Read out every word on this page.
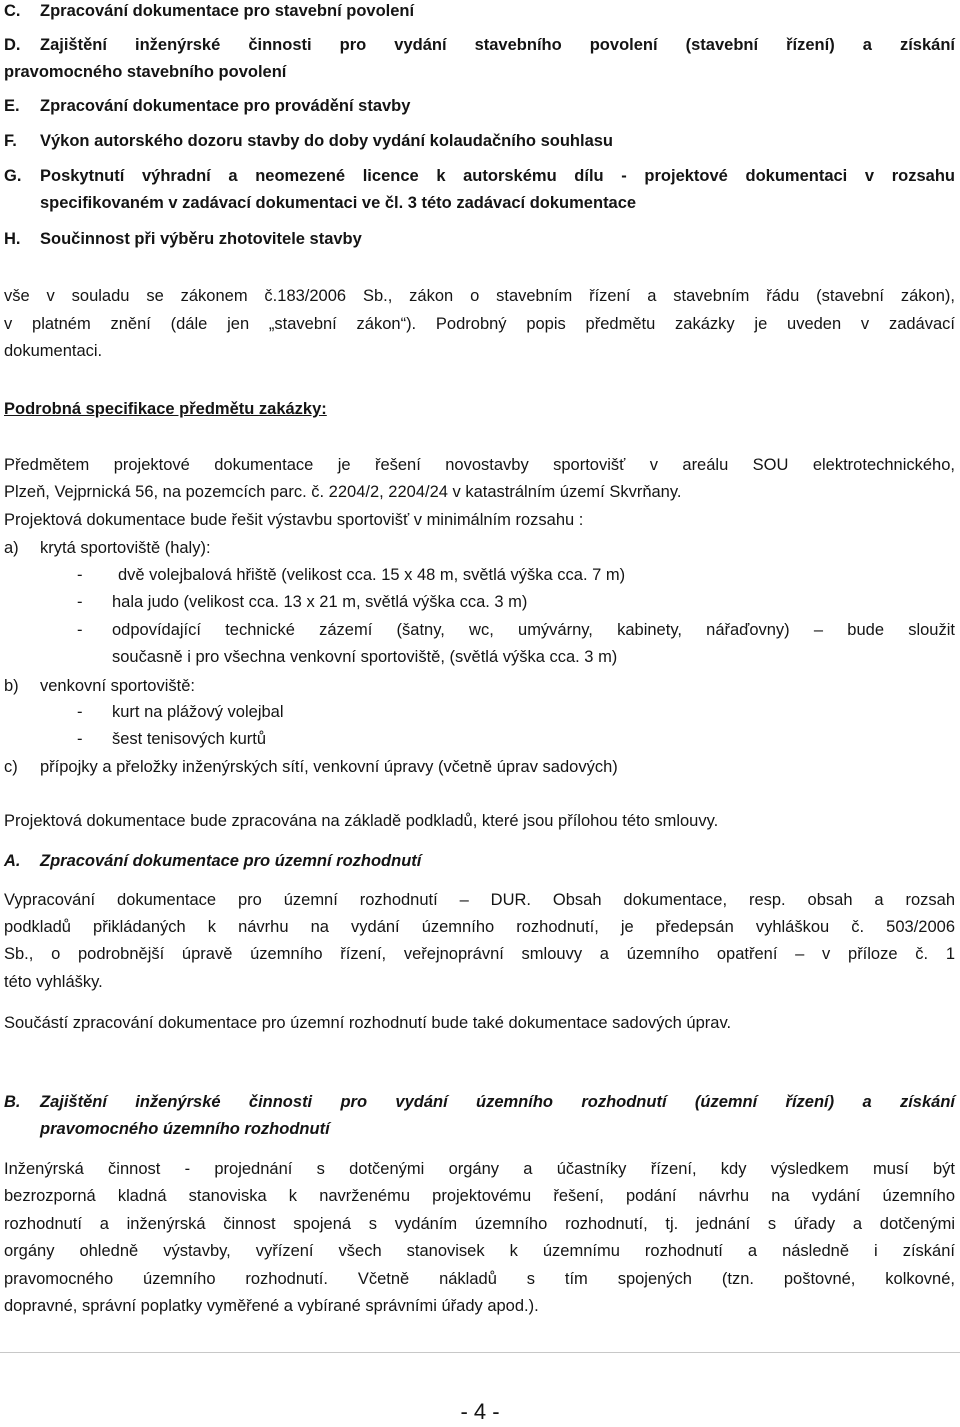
C. Zpracování dokumentace pro stavební povolení
D. Zajištění inženýrské činnosti pro vydání stavebního povolení (stavební řízení) a získání
pravomocného stavebního povolení
E. Zpracování dokumentace pro provádění stavby
F. Výkon autorského dozoru stavby do doby vydání kolaudačního souhlasu
G. Poskytnutí výhradní a neomezené licence k autorskému dílu - projektové dokumentaci v rozsahu
specifikovaném v zadávací dokumentaci ve čl. 3 této zadávací dokumentace
H. Součinnost při výběru zhotovitele stavby
vše v souladu se zákonem č.183/2006 Sb., zákon o stavebním řízení a stavebním řádu (stavební zákon),
v platném znění (dále jen „stavební zákon“). Podrobný popis předmětu zakázky je uveden v zadávací
dokumentaci.
Podrobná specifikace předmětu zakázky:
Předmětem projektové dokumentace je řešení novostavby sportovišť v areálu SOU elektrotechnického,
Plzeň, Vejprnická 56, na pozemcích parc. č. 2204/2, 2204/24 v katastrálním území Skvrňany.
Projektová dokumentace bude řešit výstavbu sportovišť v minimálním rozsahu :
a) krytá sportoviště (haly):
- dvě volejbalová hřiště (velikost cca. 15 x 48 m, světlá výška cca. 7 m)
- hala judo (velikost cca. 13 x 21 m, světlá výška cca. 3 m)
- odpovídající technické zázemí (šatny, wc, umývárny, kabinety, nářaďovny) – bude sloužit
současně i pro všechna venkovní sportoviště, (světlá výška cca. 3 m)
b) venkovní sportoviště:
- kurt na plážový volejbal
- šest tenisových kurtů
c) přípojky a přeložky inženýrských sítí, venkovní úpravy (včetně úprav sadových)
Projektová dokumentace bude zpracována na základě podkladů, které jsou přílohou této smlouvy.
A. Zpracování dokumentace pro územní rozhodnutí
Vypracování dokumentace pro územní rozhodnutí – DUR. Obsah dokumentace, resp. obsah a rozsah
podkladů přikládaných k návrhu na vydání územního rozhodnutí, je předepsán vyhláškou č. 503/2006
Sb., o podrobnější úpravě územního řízení, veřejnoprávní smlouvy a územního opatření – v příloze č. 1
této vyhlášky.
Součástí zpracování dokumentace pro územní rozhodnutí bude také dokumentace sadových úprav.
B. Zajištění inženýrské činnosti pro vydání územního rozhodnutí (územní řízení) a získání
pravomocného územního rozhodnutí
Inženýrská činnost - projednání s dotčenými orgány a účastníky řízení, kdy výsledkem musí být
bezrozporná kladná stanoviska k navrženému projektovému řešení, podání návrhu na vydání územního
rozhodnutí a inženýrská činnost spojená s vydáním územního rozhodnutí, tj. jednání s úřady a dotčenými
orgány ohledně výstavby, vyřízení všech stanovisek k územnímu rozhodnutí a následně i získání
pravomocného územního rozhodnutí. Včetně nákladů s tím spojených (tzn. poštovné, kolkovné,
dopravné, správní poplatky vyměřené a vybírané správními úřady apod.).
- 4 -
